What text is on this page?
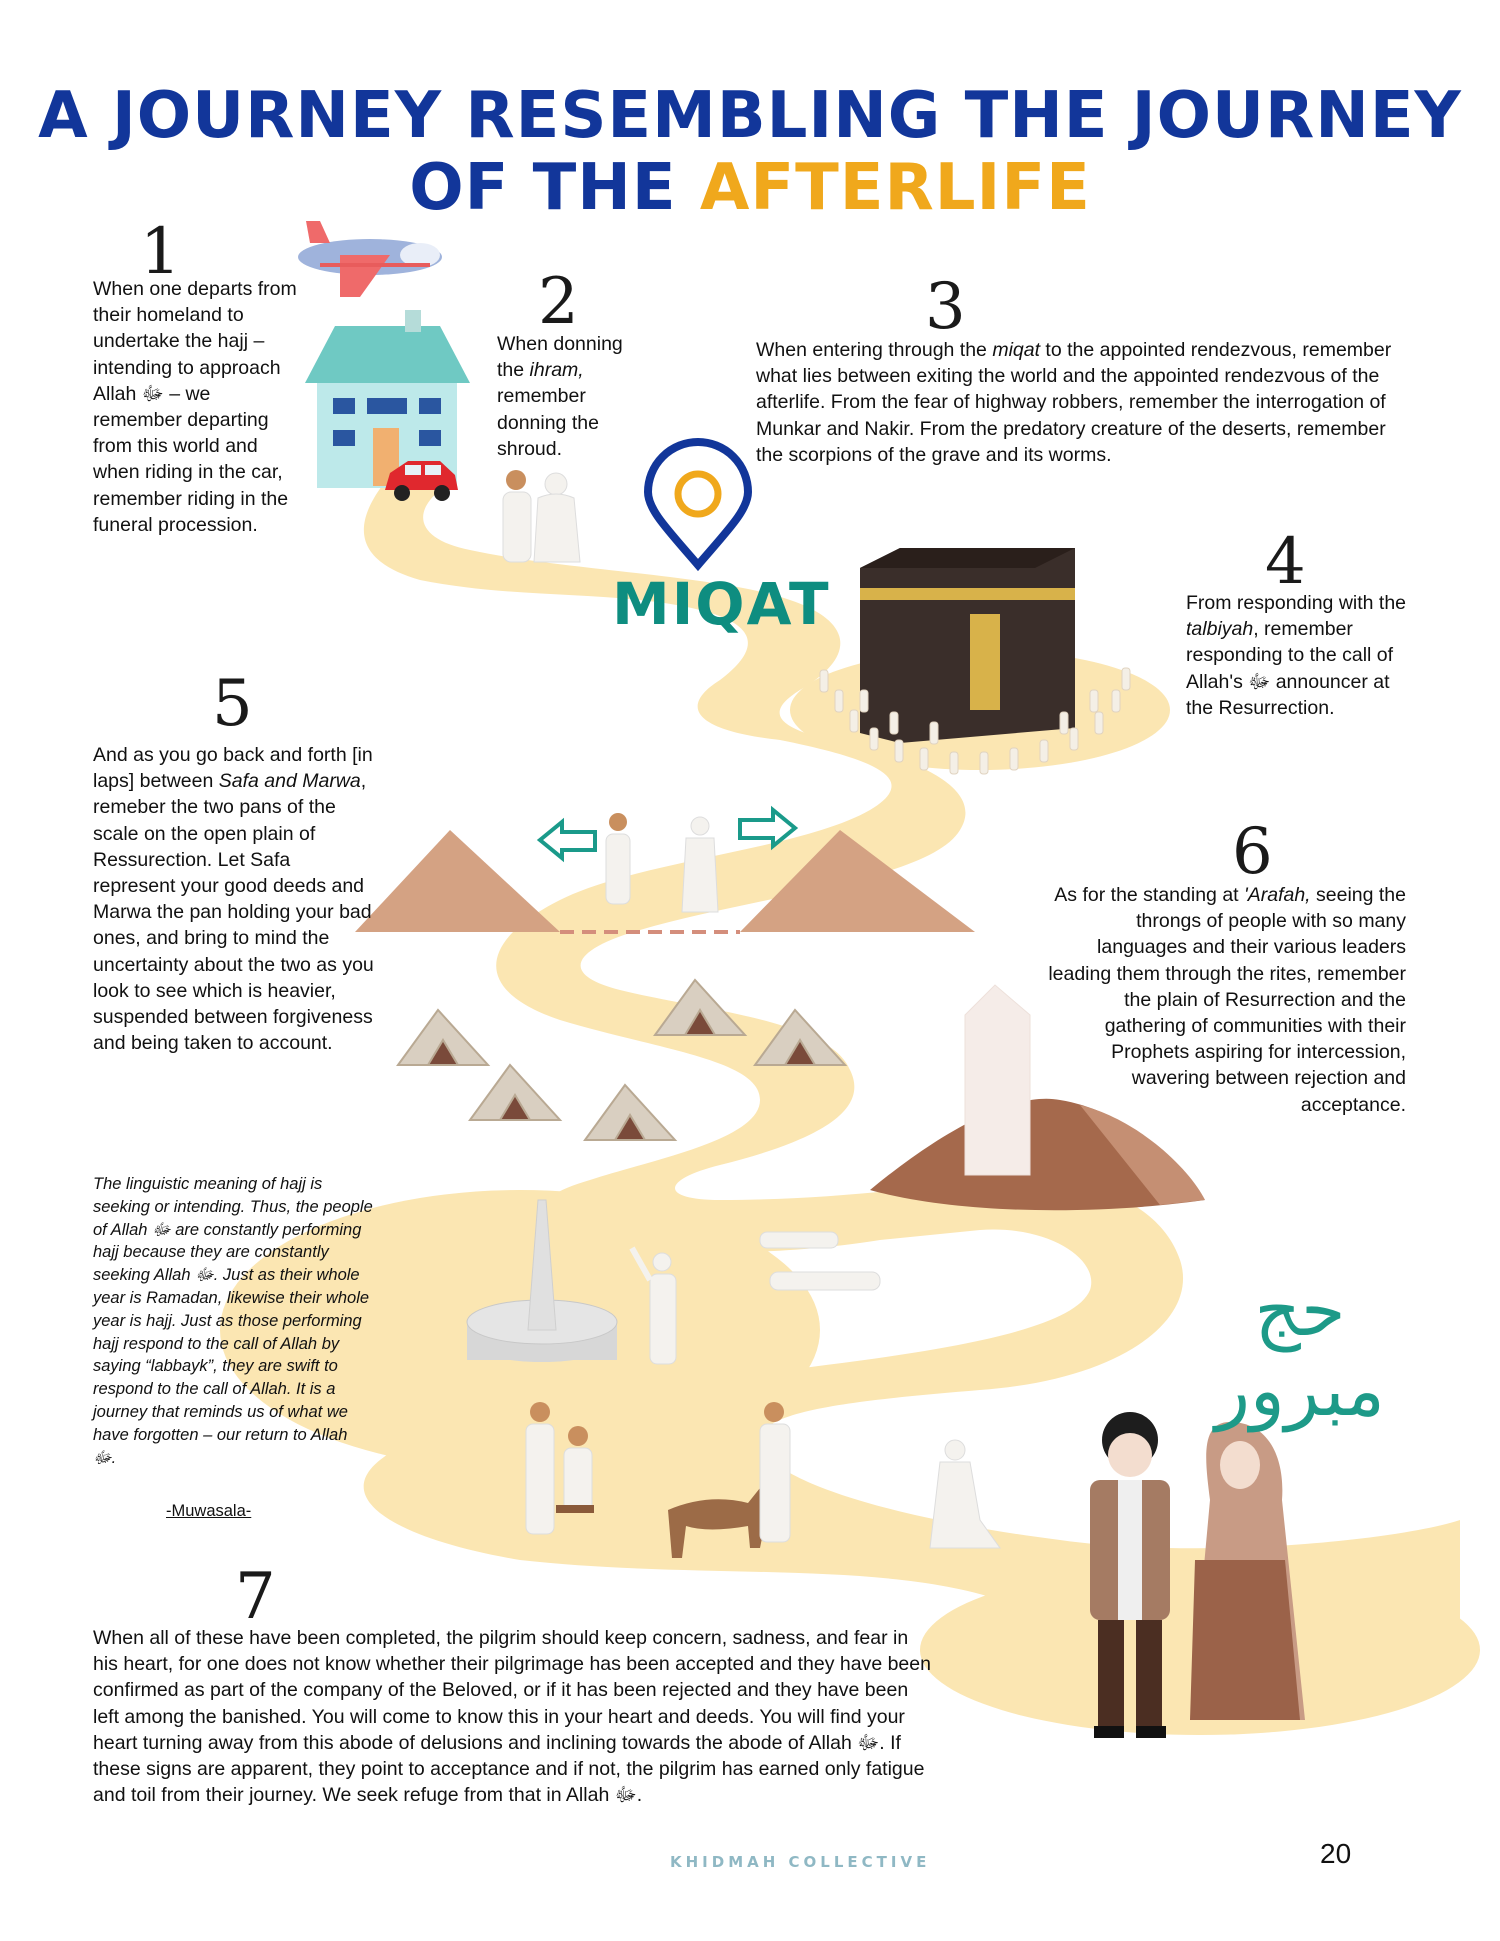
A JOURNEY RESEMBLING THE JOURNEY
OF THE AFTERLIFE
1
When one departs from their homeland to undertake the hajj – intending to approach Allah ﷻ – we remember departing from this world and when riding in the car, remember riding in the funeral procession.
2
When donning the ihram, remember donning the shroud.
3
When entering through the miqat to the appointed rendezvous, remember what lies between exiting the world and the appointed rendezvous of the afterlife. From the fear of highway robbers, remember the interrogation of Munkar and Nakir. From the predatory creature of the deserts, remember the scorpions of the grave and its worms.
MIQAT
4
From responding with the talbiyah, remember responding to the call of Allah's ﷻ announcer at the Resurrection.
5
And as you go back and forth [in laps] between Safa and Marwa, remeber the two pans of the scale on the open plain of Ressurection. Let Safa represent your good deeds and Marwa the pan holding your bad ones, and bring to mind the uncertainty about the two as you look to see which is heavier, suspended between forgiveness and being taken to account.
6
As for the standing at 'Arafah, seeing the throngs of people with so many languages and their various leaders leading them through the rites, remember the plain of Resurrection and the gathering of communities with their Prophets aspiring for intercession, wavering between rejection and acceptance.
The linguistic meaning of hajj is seeking or intending. Thus, the people of Allah ﷻ are constantly performing hajj because they are constantly seeking Allah ﷻ. Just as their whole year is Ramadan, likewise their whole year is hajj. Just as those performing hajj respond to the call of Allah by saying “labbayk”, they are swift to respond to the call of Allah. It is a journey that reminds us of what we have forgotten – our return to Allah ﷻ.
-Muwasala-
حج مبرور
7
When all of these have been completed, the pilgrim should keep concern, sadness, and fear in his heart, for one does not know whether their pilgrimage has been accepted and they have been confirmed as part of the company of the Beloved, or if it has been rejected and they have been left among the banished. You will come to know this in your heart and deeds. You will find your heart turning away from this abode of delusions and inclining towards the abode of Allah ﷻ. If these signs are apparent, they point to acceptance and if not, the pilgrim has earned only fatigue and toil from their journey. We seek refuge from that in Allah ﷻ.
KHIDMAH COLLECTIVE	20
